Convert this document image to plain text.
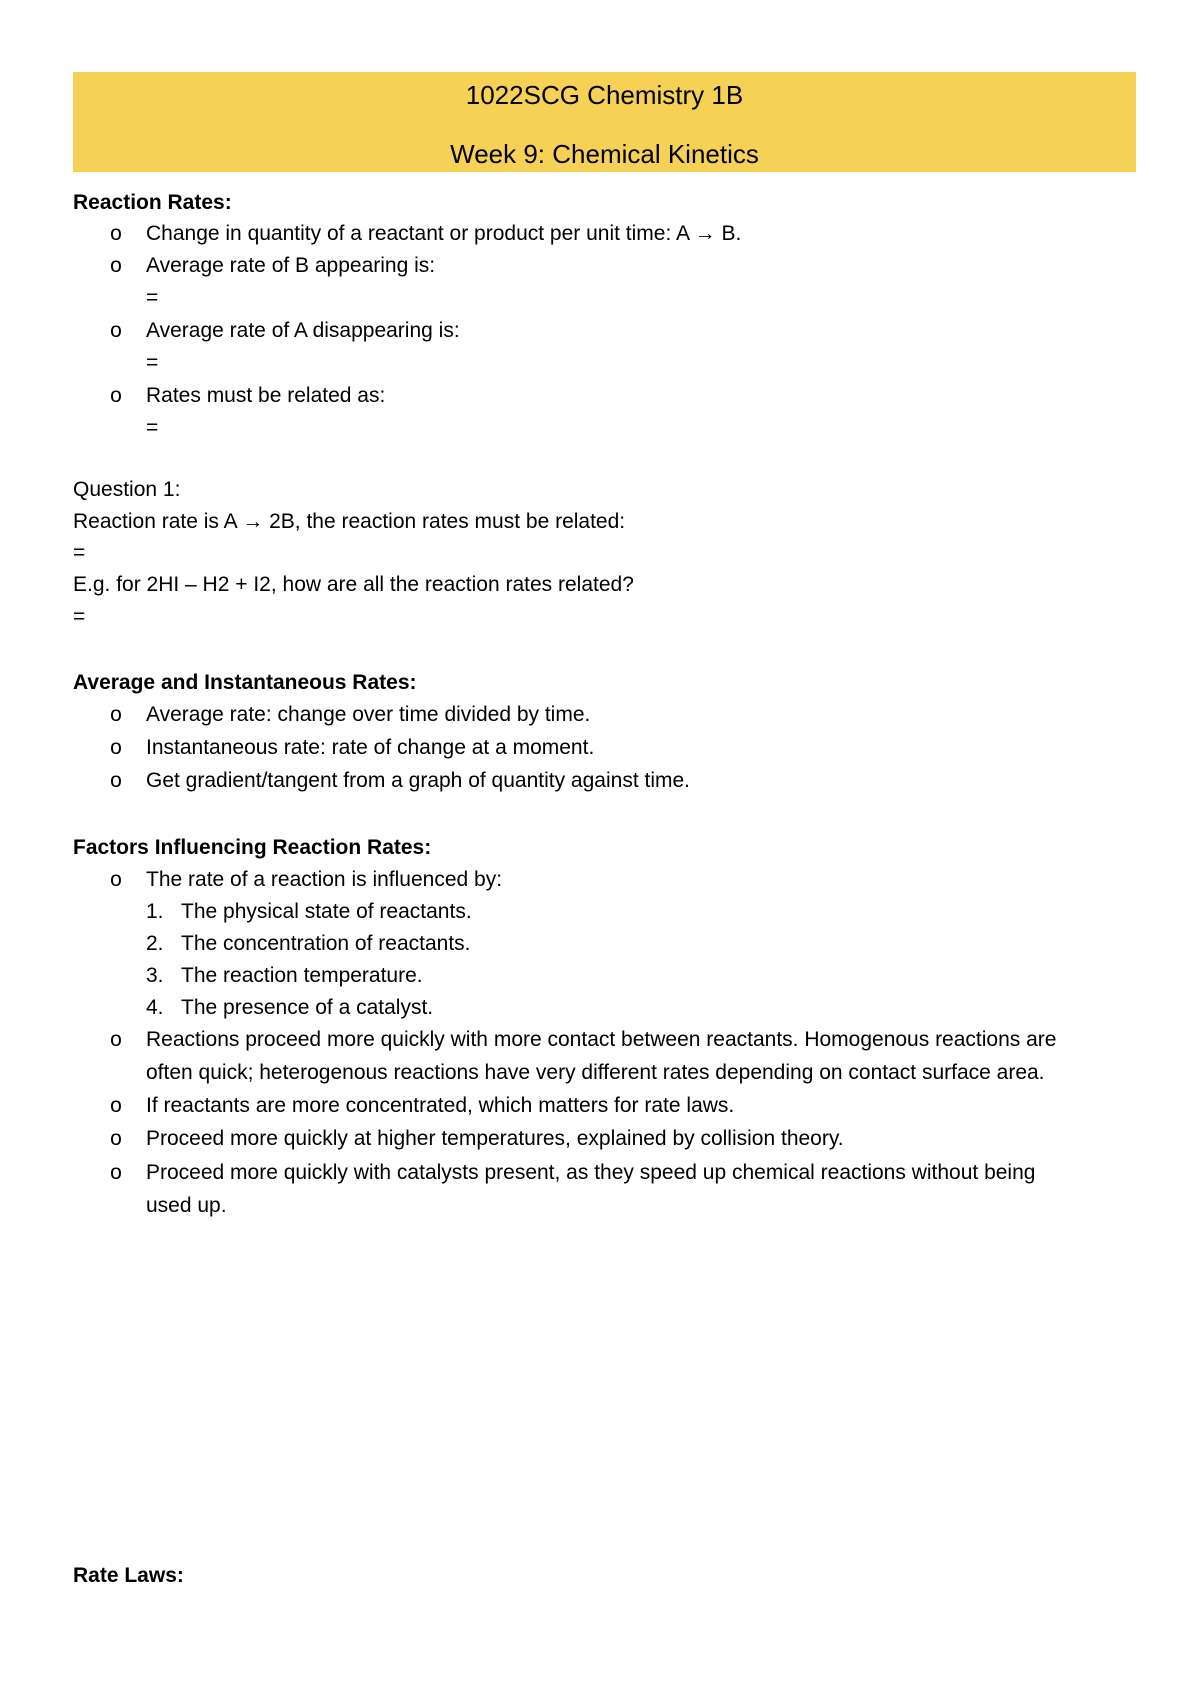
1022SCG Chemistry 1B
Week 9: Chemical Kinetics
Reaction Rates:
o Change in quantity of a reactant or product per unit time: A → B.
o Average rate of B appearing is:
=
o Average rate of A disappearing is:
=
o Rates must be related as:
=
Question 1:
Reaction rate is A → 2B, the reaction rates must be related:
=
E.g. for 2HI – H2 + I2, how are all the reaction rates related?
=
Average and Instantaneous Rates:
o Average rate: change over time divided by time.
o Instantaneous rate: rate of change at a moment.
o Get gradient/tangent from a graph of quantity against time.
Factors Influencing Reaction Rates:
o The rate of a reaction is influenced by:
1. The physical state of reactants.
2. The concentration of reactants.
3. The reaction temperature.
4. The presence of a catalyst.
o Reactions proceed more quickly with more contact between reactants. Homogenous reactions are
often quick; heterogenous reactions have very different rates depending on contact surface area.
o If reactants are more concentrated, which matters for rate laws.
o Proceed more quickly at higher temperatures, explained by collision theory.
o Proceed more quickly with catalysts present, as they speed up chemical reactions without being
used up.
Rate Laws:
